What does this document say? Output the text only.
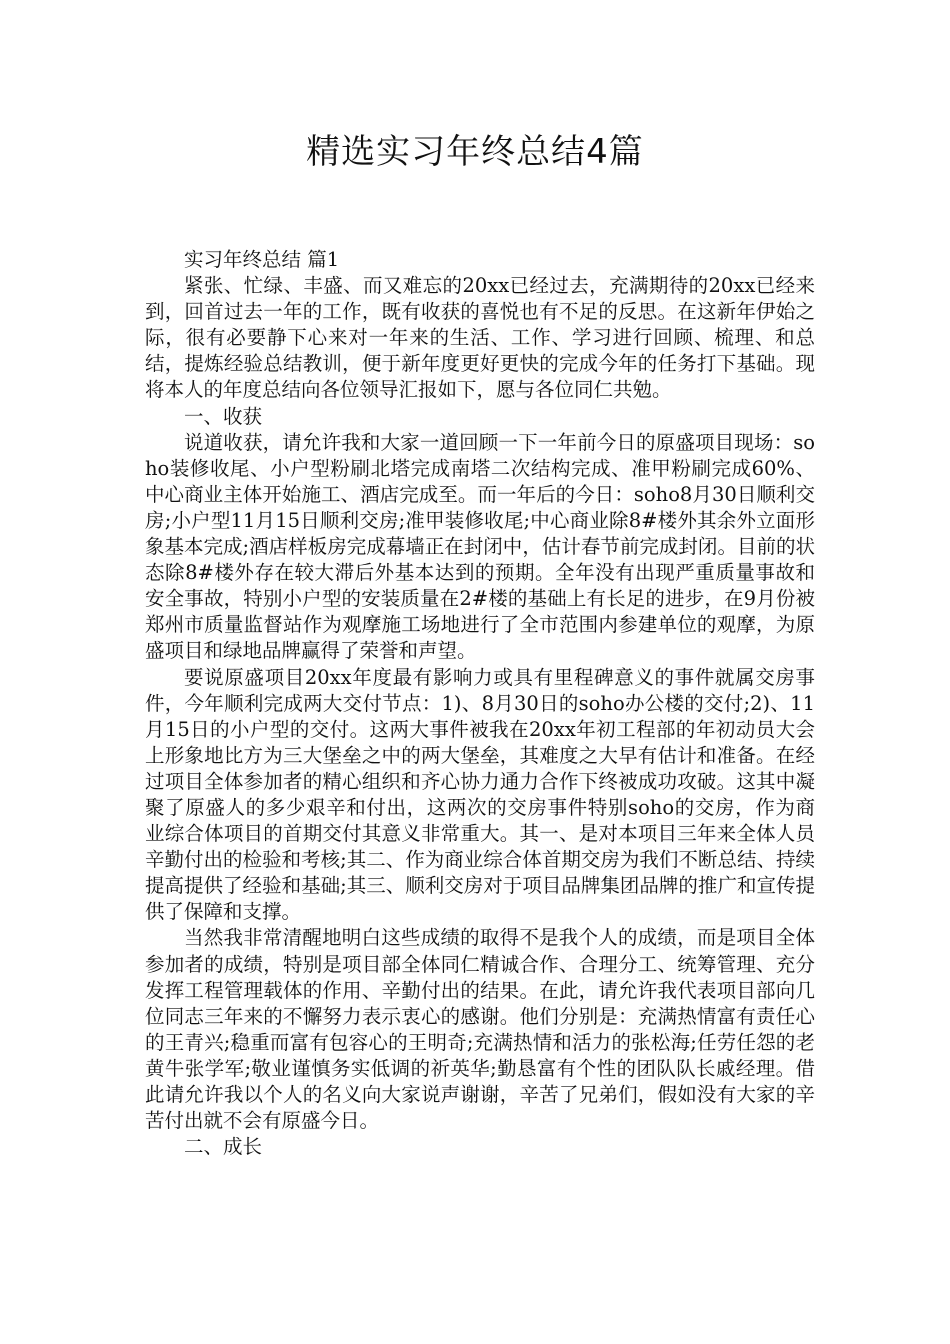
精选实习年终总结4篇

实习年终总结 篇1

紧张、忙绿、丰盛、而又难忘的20xx已经过去，充满期待的20xx已经来到，回首过去一年的工作，既有收获的喜悦也有不足的反思。在这新年伊始之际，很有必要静下心来对一年来的生活、工作、学习进行回顾、梳理、和总结，提炼经验总结教训，便于新年度更好更快的完成今年的任务打下基础。现将本人的年度总结向各位领导汇报如下，愿与各位同仁共勉。

一、收获

说道收获，请允许我和大家一道回顾一下一年前今日的原盛项目现场：soho装修收尾、小户型粉刷北塔完成南塔二次结构完成、准甲粉刷完成60%、中心商业主体开始施工、酒店完成至。而一年后的今日：soho8月30日顺利交房;小户型11月15日顺利交房;准甲装修收尾;中心商业除8#楼外其余外立面形象基本完成;酒店样板房完成幕墙正在封闭中，估计春节前完成封闭。目前的状态除8#楼外存在较大滞后外基本达到的预期。全年没有出现严重质量事故和安全事故，特别小户型的安装质量在2#楼的基础上有长足的进步，在9月份被郑州市质量监督站作为观摩施工场地进行了全市范围内参建单位的观摩，为原盛项目和绿地品牌赢得了荣誉和声望。

要说原盛项目20xx年度最有影响力或具有里程碑意义的事件就属交房事件，今年顺利完成两大交付节点：1)、8月30日的soho办公楼的交付;2)、11月15日的小户型的交付。这两大事件被我在20xx年初工程部的年初动员大会上形象地比方为三大堡垒之中的两大堡垒，其难度之大早有估计和准备。在经过项目全体参加者的精心组织和齐心协力通力合作下终被成功攻破。这其中凝聚了原盛人的多少艰辛和付出，这两次的交房事件特别soho的交房，作为商业综合体项目的首期交付其意义非常重大。其一、是对本项目三年来全体人员辛勤付出的检验和考核;其二、作为商业综合体首期交房为我们不断总结、持续提高提供了经验和基础;其三、顺利交房对于项目品牌集团品牌的推广和宣传提供了保障和支撑。

当然我非常清醒地明白这些成绩的取得不是我个人的成绩，而是项目全体参加者的成绩，特别是项目部全体同仁精诚合作、合理分工、统筹管理、充分发挥工程管理载体的作用、辛勤付出的结果。在此，请允许我代表项目部向几位同志三年来的不懈努力表示衷心的感谢。他们分别是：充满热情富有责任心的王青兴;稳重而富有包容心的王明奇;充满热情和活力的张松海;任劳任怨的老黄牛张学军;敬业谨慎务实低调的祈英华;勤恳富有个性的团队队长戚经理。借此请允许我以个人的名义向大家说声谢谢，辛苦了兄弟们，假如没有大家的辛苦付出就不会有原盛今日。

二、成长
